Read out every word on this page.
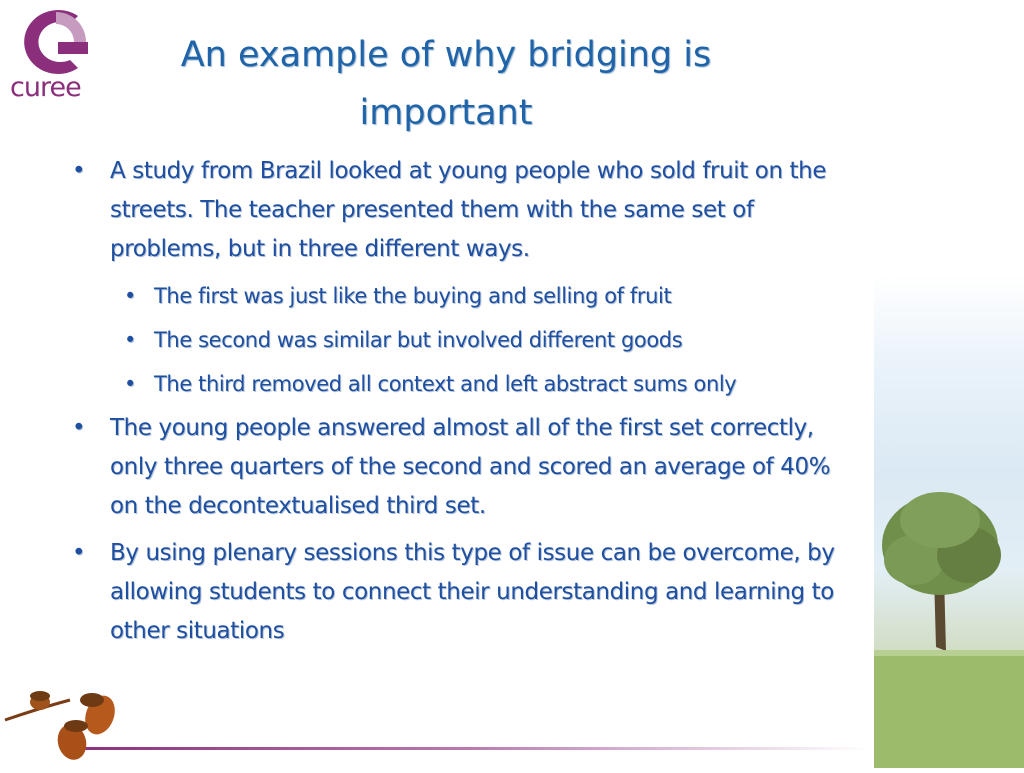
curee
An example of why bridging is important
• A study from Brazil looked at young people who sold fruit on the streets. The teacher presented them with the same set of problems, but in three different ways.
• The first was just like the buying and selling of fruit
• The second was similar but involved different goods
• The third removed all context and left abstract sums only
• The young people answered almost all of the first set correctly, only three quarters of the second and scored an average of 40% on the decontextualised third set.
• By using plenary sessions this type of issue can be overcome, by allowing students to connect their understanding and learning to other situations
